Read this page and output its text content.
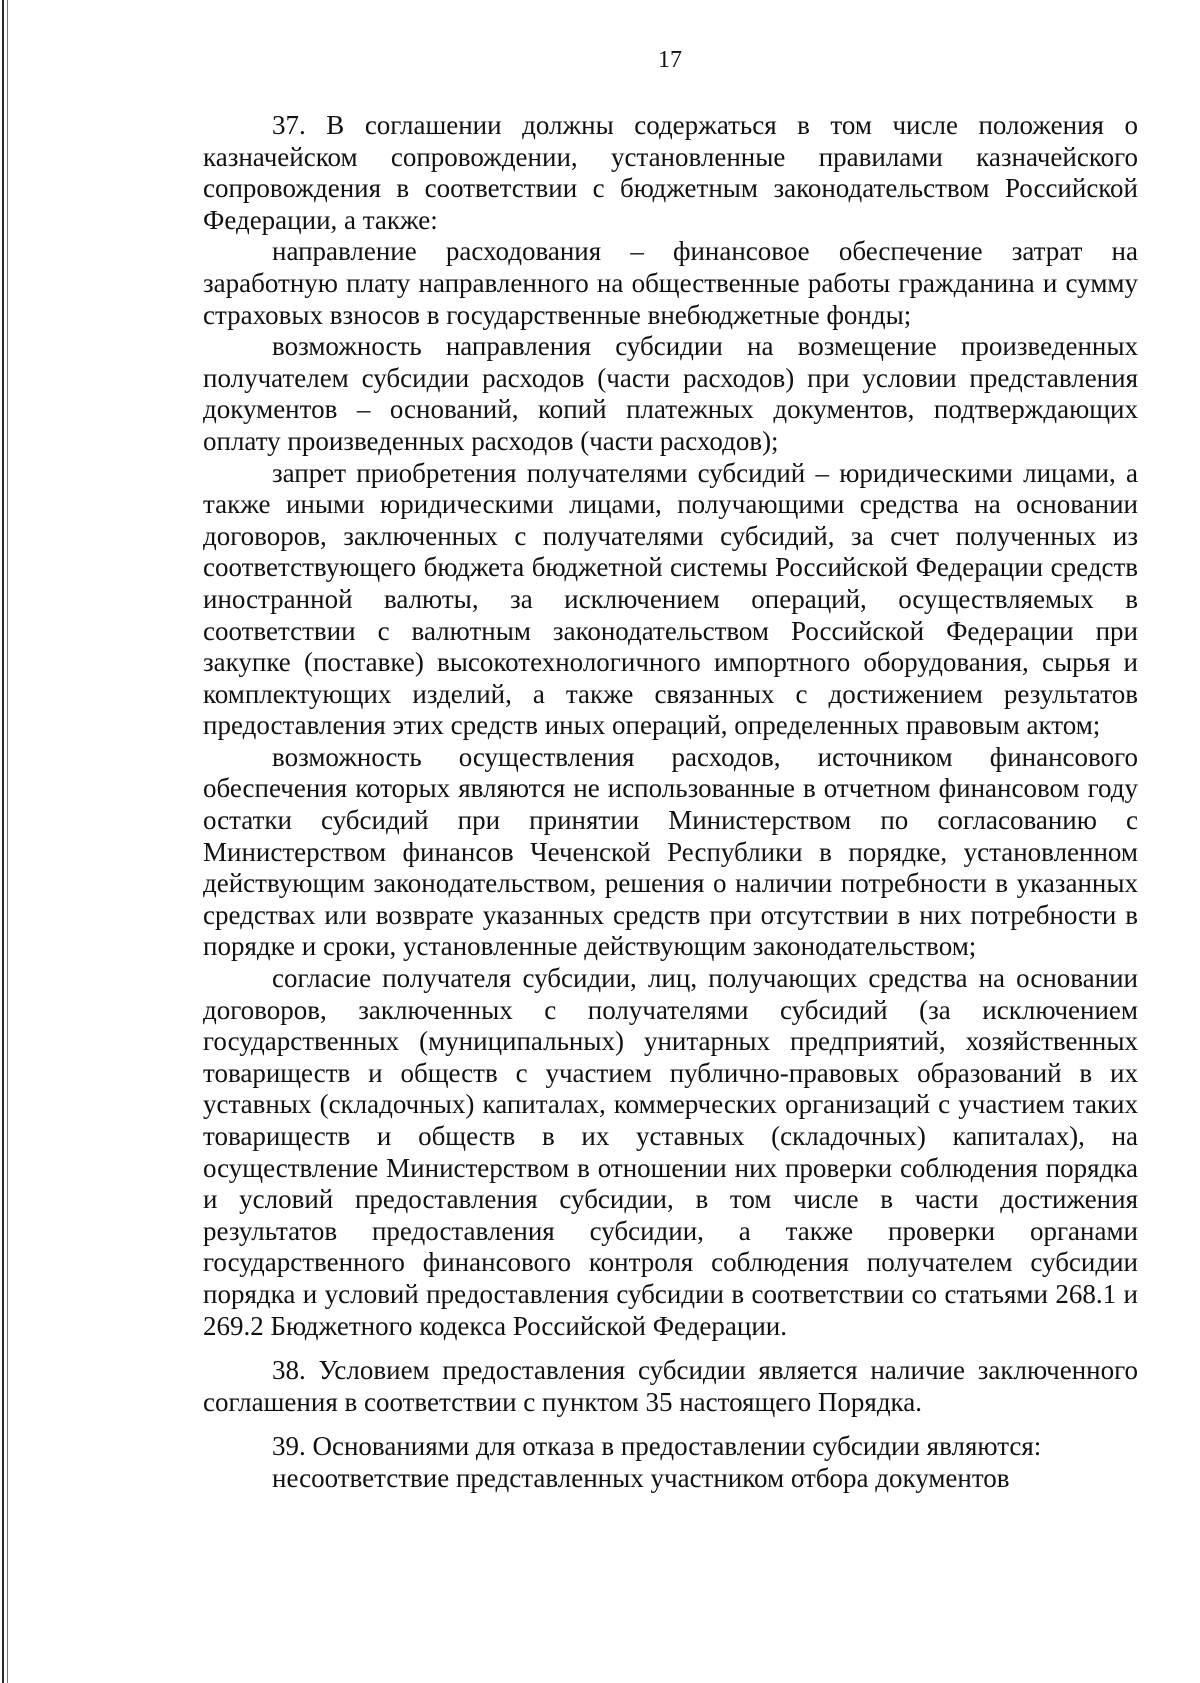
17

37. В соглашении должны содержаться в том числе положения о казначейском сопровождении, установленные правилами казначейского сопровождения в соответствии с бюджетным законодательством Российской Федерации, а также:

направление расходования – финансовое обеспечение затрат на заработную плату направленного на общественные работы гражданина и сумму страховых взносов в государственные внебюджетные фонды;

возможность направления субсидии на возмещение произведенных получателем субсидии расходов (части расходов) при условии представления документов – оснований, копий платежных документов, подтверждающих оплату произведенных расходов (части расходов);

запрет приобретения получателями субсидий – юридическими лицами, а также иными юридическими лицами, получающими средства на основании договоров, заключенных с получателями субсидий, за счет полученных из соответствующего бюджета бюджетной системы Российской Федерации средств иностранной валюты, за исключением операций, осуществляемых в соответствии с валютным законодательством Российской Федерации при закупке (поставке) высокотехнологичного импортного оборудования, сырья и комплектующих изделий, а также связанных с достижением результатов предоставления этих средств иных операций, определенных правовым актом;

возможность осуществления расходов, источником финансового обеспечения которых являются не использованные в отчетном финансовом году остатки субсидий при принятии Министерством по согласованию с Министерством финансов Чеченской Республики в порядке, установленном действующим законодательством, решения о наличии потребности в указанных средствах или возврате указанных средств при отсутствии в них потребности в порядке и сроки, установленные действующим законодательством;

согласие получателя субсидии, лиц, получающих средства на основании договоров, заключенных с получателями субсидий (за исключением государственных (муниципальных) унитарных предприятий, хозяйственных товариществ и обществ с участием публично-правовых образований в их уставных (складочных) капиталах, коммерческих организаций с участием таких товариществ и обществ в их уставных (складочных) капиталах), на осуществление Министерством в отношении них проверки соблюдения порядка и условий предоставления субсидии, в том числе в части достижения результатов предоставления субсидии, а также проверки органами государственного финансового контроля соблюдения получателем субсидии порядка и условий предоставления субсидии в соответствии со статьями 268.1 и 269.2 Бюджетного кодекса Российской Федерации.

38. Условием предоставления субсидии является наличие заключенного соглашения в соответствии с пунктом 35 настоящего Порядка.

39. Основаниями для отказа в предоставлении субсидии являются:

несоответствие представленных участником отбора документов
